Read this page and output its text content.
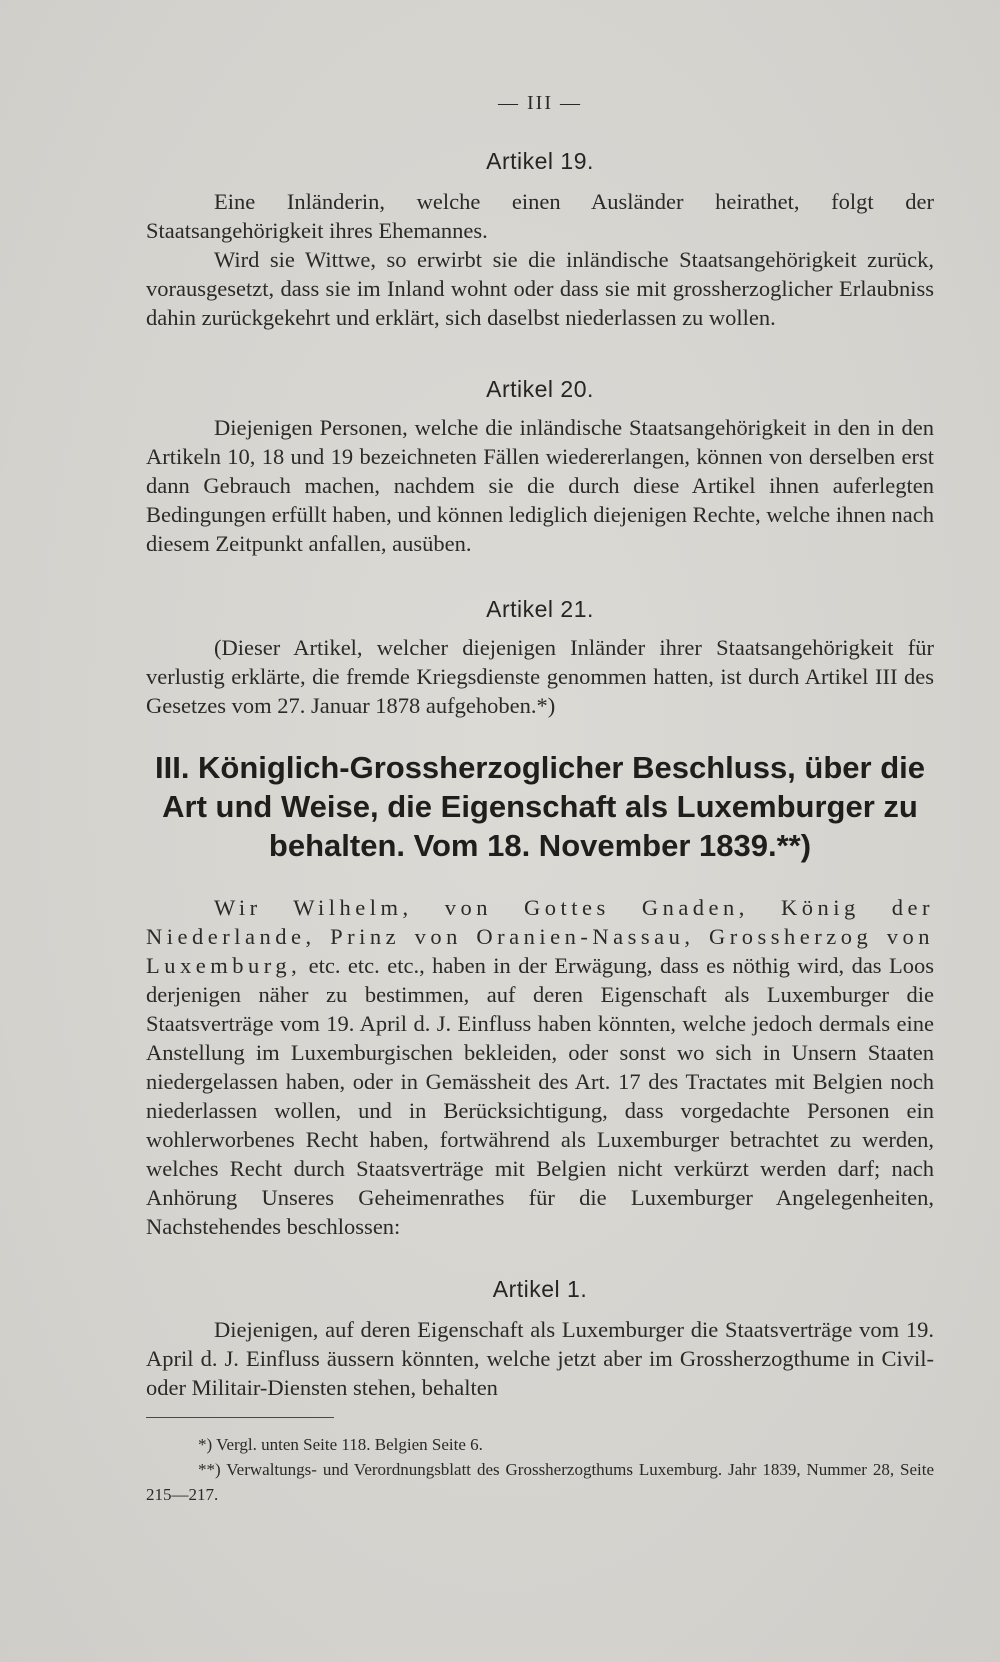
— III —
Artikel 19.

Eine Inländerin, welche einen Ausländer heirathet, folgt der Staatsangehörigkeit ihres Ehemannes.

Wird sie Wittwe, so erwirbt sie die inländische Staatsangehörigkeit zurück, vorausgesetzt, dass sie im Inland wohnt oder dass sie mit grossherzoglicher Erlaubniss dahin zurückgekehrt und erklärt, sich daselbst niederlassen zu wollen.

Artikel 20.

Diejenigen Personen, welche die inländische Staatsangehörigkeit in den in den Artikeln 10, 18 und 19 bezeichneten Fällen wiedererlangen, können von derselben erst dann Gebrauch machen, nachdem sie die durch diese Artikel ihnen auferlegten Bedingungen erfüllt haben, und können lediglich diejenigen Rechte, welche ihnen nach diesem Zeitpunkt anfallen, ausüben.

Artikel 21.

(Dieser Artikel, welcher diejenigen Inländer ihrer Staatsangehörigkeit für verlustig erklärte, die fremde Kriegsdienste genommen hatten, ist durch Artikel III des Gesetzes vom 27. Januar 1878 aufgehoben.*)

III. Königlich-Grossherzoglicher Beschluss, über die Art und Weise, die Eigenschaft als Luxemburger zu behalten. Vom 18. November 1839.**)

Wir Wilhelm, von Gottes Gnaden, König der Niederlande, Prinz von Oranien-Nassau, Grossherzog von Luxemburg, etc. etc. etc., haben in der Erwägung, dass es nöthig wird, das Loos derjenigen näher zu bestimmen, auf deren Eigenschaft als Luxemburger die Staatsverträge vom 19. April d. J. Einfluss haben könnten, welche jedoch dermals eine Anstellung im Luxemburgischen bekleiden, oder sonst wo sich in Unsern Staaten niedergelassen haben, oder in Gemässheit des Art. 17 des Tractates mit Belgien noch niederlassen wollen, und in Berücksichtigung, dass vorgedachte Personen ein wohlerworbenes Recht haben, fortwährend als Luxemburger betrachtet zu werden, welches Recht durch Staatsverträge mit Belgien nicht verkürzt werden darf; nach Anhörung Unseres Geheimenrathes für die Luxemburger Angelegenheiten, Nachstehendes beschlossen:

Artikel 1.

Diejenigen, auf deren Eigenschaft als Luxemburger die Staatsverträge vom 19. April d. J. Einfluss äussern könnten, welche jetzt aber im Grossherzogthume in Civil- oder Militair-Diensten stehen, behalten

*) Vergl. unten Seite 118. Belgien Seite 6.

**) Verwaltungs- und Verordnungsblatt des Grossherzogthums Luxemburg. Jahr 1839, Nummer 28, Seite 215—217.
